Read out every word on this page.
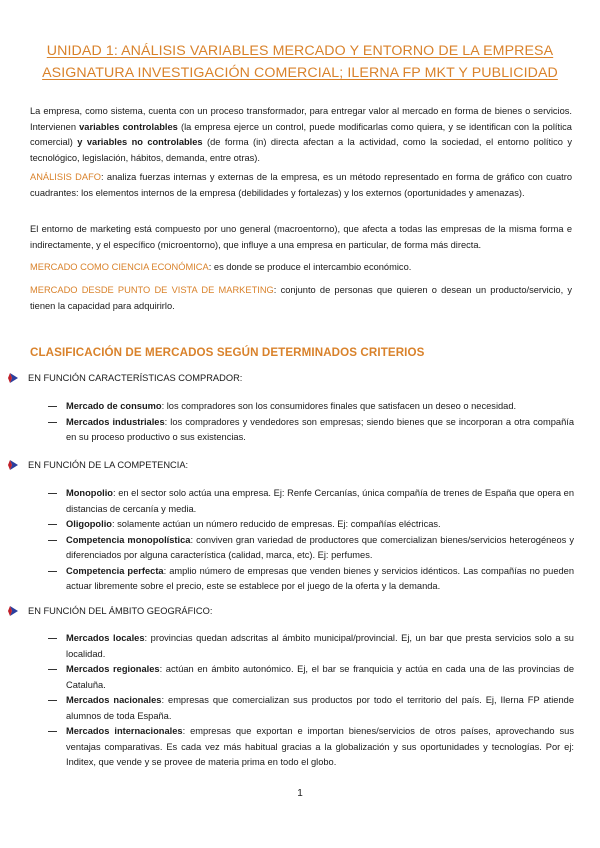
UNIDAD 1: ANÁLISIS VARIABLES MERCADO Y ENTORNO DE LA EMPRESA
ASIGNATURA INVESTIGACIÓN COMERCIAL; ILERNA FP MKT Y PUBLICIDAD

La empresa, como sistema, cuenta con un proceso transformador, para entregar valor al mercado en forma de bienes o servicios. Intervienen variables controlables (la empresa ejerce un control, puede modificarlas como quiera, y se identifican con la política comercial) y variables no controlables (de forma (in) directa afectan a la actividad, como la sociedad, el entorno político y tecnológico, legislación, hábitos, demanda, entre otras).

ANÁLISIS DAFO: analiza fuerzas internas y externas de la empresa, es un método representado en forma de gráfico con cuatro cuadrantes: los elementos internos de la empresa (debilidades y fortalezas) y los externos (oportunidades y amenazas).

El entorno de marketing está compuesto por uno general (macroentorno), que afecta a todas las empresas de la misma forma e indirectamente, y el específico (microentorno), que influye a una empresa en particular, de forma más directa.

MERCADO COMO CIENCIA ECONÓMICA: es donde se produce el intercambio económico.

MERCADO DESDE PUNTO DE VISTA DE MARKETING: conjunto de personas que quieren o desean un producto/servicio, y tienen la capacidad para adquirirlo.

CLASIFICACIÓN DE MERCADOS SEGÚN DETERMINADOS CRITERIOS
EN FUNCIÓN CARACTERÍSTICAS COMPRADOR:
Mercado de consumo: los compradores son los consumidores finales que satisfacen un deseo o necesidad.
Mercados industriales: los compradores y vendedores son empresas; siendo bienes que se incorporan a otra compañía en su proceso productivo o sus existencias.
EN FUNCIÓN DE LA COMPETENCIA:
Monopolio: en el sector solo actúa una empresa. Ej: Renfe Cercanías, única compañía de trenes de España que opera en distancias de cercanía y media.
Oligopolio: solamente actúan un número reducido de empresas. Ej: compañías eléctricas.
Competencia monopolística: conviven gran variedad de productores que comercializan bienes/servicios heterogéneos y diferenciados por alguna característica (calidad, marca, etc). Ej: perfumes.
Competencia perfecta: amplio número de empresas que venden bienes y servicios idénticos. Las compañías no pueden actuar libremente sobre el precio, este se establece por el juego de la oferta y la demanda.
EN FUNCIÓN DEL ÁMBITO GEOGRÁFICO:
Mercados locales: provincias quedan adscritas al ámbito municipal/provincial. Ej, un bar que presta servicios solo a su localidad.
Mercados regionales: actúan en ámbito autonómico. Ej, el bar se franquicia y actúa en cada una de las provincias de Cataluña.
Mercados nacionales: empresas que comercializan sus productos por todo el territorio del país. Ej, Ilerna FP atiende alumnos de toda España.
Mercados internacionales: empresas que exportan e importan bienes/servicios de otros países, aprovechando sus ventajas comparativas. Es cada vez más habitual gracias a la globalización y sus oportunidades y tecnologías. Por ej: Inditex, que vende y se provee de materia prima en todo el globo.
1
